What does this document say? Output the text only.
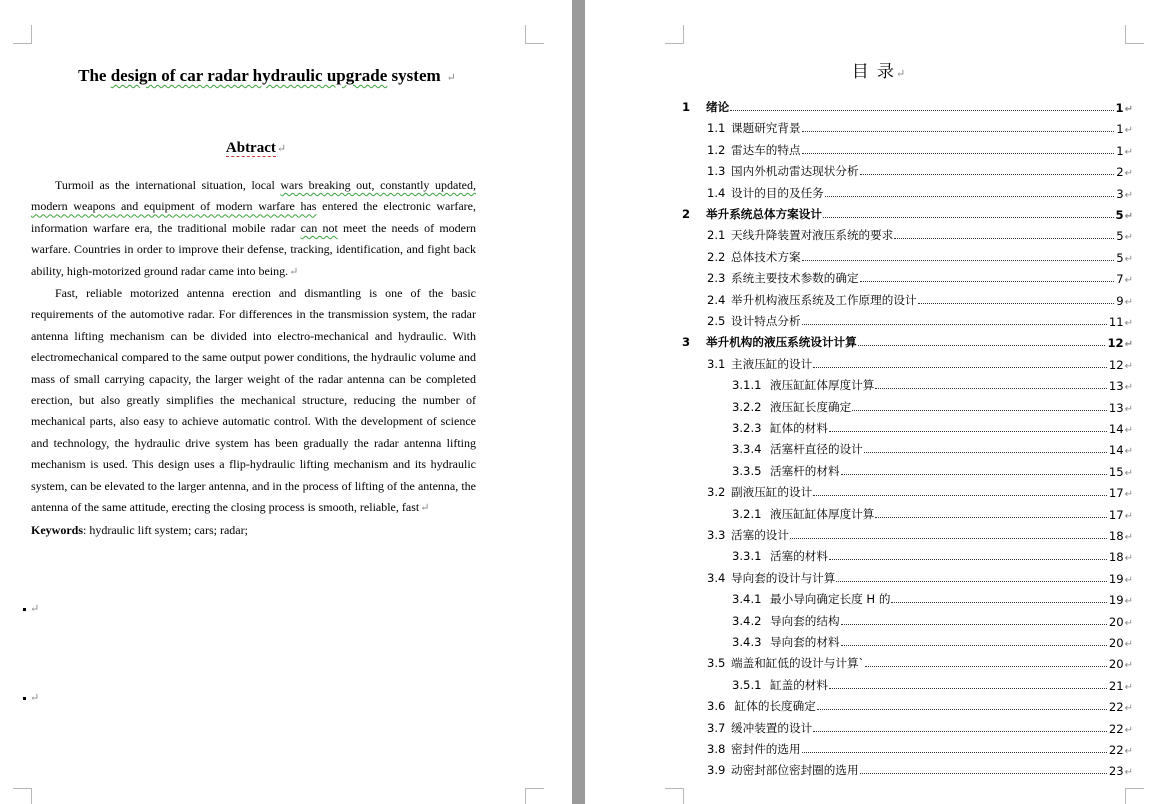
The design of car radar hydraulic upgrade system ↵
Abtract↵

Turmoil as the international situation, local wars breaking out, constantly updated, modern weapons and equipment of modern warfare has entered the electronic warfare, information warfare era, the traditional mobile radar can not meet the needs of modern warfare. Countries in order to improve their defense, tracking, identification, and fight back ability, high-motorized ground radar came into being.↵

Fast, reliable motorized antenna erection and dismantling is one of the basic requirements of the automotive radar. For differences in the transmission system, the radar antenna lifting mechanism can be divided into electro-mechanical and hydraulic. With electromechanical compared to the same output power conditions, the hydraulic volume and mass of small carrying capacity, the larger weight of the radar antenna can be completed erection, but also greatly simplifies the mechanical structure, reducing the number of mechanical parts, also easy to achieve automatic control. With the development of science and technology, the hydraulic drive system has been gradually the radar antenna lifting mechanism is used. This design uses a flip-hydraulic lifting mechanism and its hydraulic system, can be elevated to the larger antenna, and in the process of lifting of the antenna, the antenna of the same attitude, erecting the closing process is smooth, reliable, fast↵

Keywords: hydraulic lift system; cars; radar;

↵
↵
目 录↵
1 绪论	1 ↵
1.1 课题研究背景	1 ↵
1.2 雷达车的特点	1 ↵
1.3 国内外机动雷达现状分析	2 ↵
1.4 设计的目的及任务	3 ↵
2 举升系统总体方案设计	5 ↵
2.1 天线升降装置对液压系统的要求	5 ↵
2.2 总体技术方案	5 ↵
2.3 系统主要技术参数的确定	7 ↵
2.4 举升机构液压系统及工作原理的设计	9 ↵
2.5 设计特点分析	11 ↵
3 举升机构的液压系统设计计算	12 ↵
3.1 主液压缸的设计	12 ↵
3.1.1 液压缸缸体厚度计算	13 ↵
3.2.2 液压缸长度确定	13 ↵
3.2.3 缸体的材料	14 ↵
3.3.4 活塞杆直径的设计	14 ↵
3.3.5 活塞杆的材料	15 ↵
3.2 副液压缸的设计	17 ↵
3.2.1 液压缸缸体厚度计算	17 ↵
3.3 活塞的设计	18 ↵
3.3.1 活塞的材料	18 ↵
3.4 导向套的设计与计算	19 ↵
3.4.1 最小导向确定长度 H 的	19 ↵
3.4.2 导向套的结构	20 ↵
3.4.3 导向套的材料	20 ↵
3.5 端盖和缸低的设计与计算`	20 ↵
3.5.1 缸盖的材料	21 ↵
3.6 缸体的长度确定	22 ↵
3.7 缓冲装置的设计	22 ↵
3.8 密封件的选用	22 ↵
3.9 动密封部位密封圈的选用	23 ↵
